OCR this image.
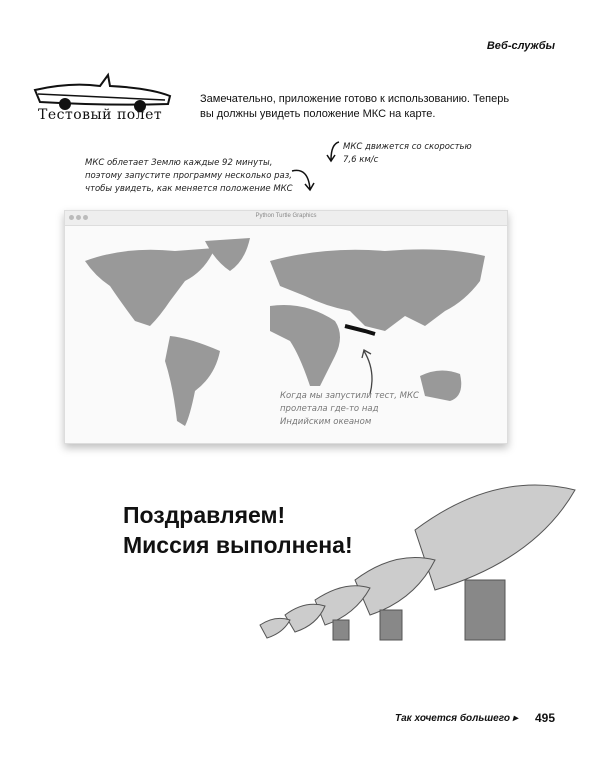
Веб-службы
Тестовый полет
Замечательно, приложение готово к использованию. Теперь вы должны увидеть положение МКС на карте.
МКС облетает Землю каждые 92 минуты, поэтому запустите программу несколько раз, чтобы увидеть, как меняется положение МКС
МКС движется со скоростью 7,6 км/с
Python Turtle Graphics
Когда мы запустили тест, МКС пролетала где-то над Индийским океаном
Поздравляем!
Миссия выполнена!
Так хочется большего ▸ 495
